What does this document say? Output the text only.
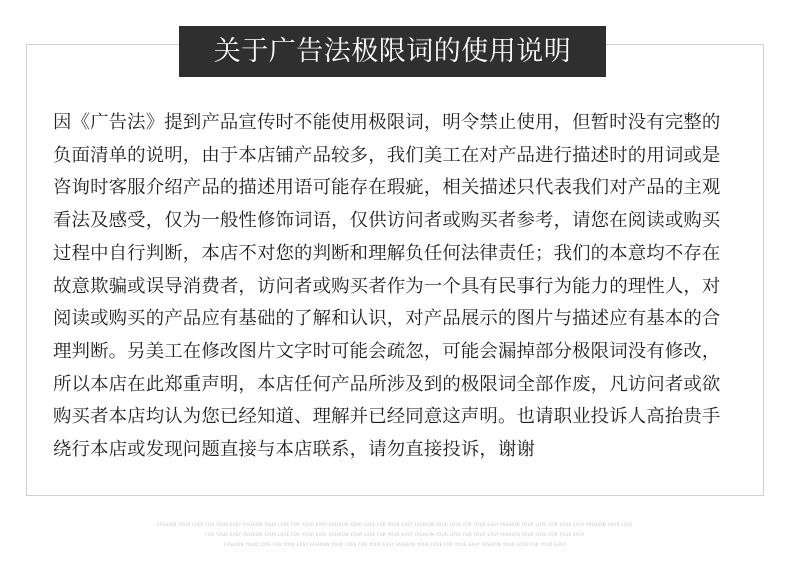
关于广告法极限词的使用说明
因《广告法》提到产品宣传时不能使用极限词，明令禁止使用，但暂时没有完整的
负面清单的说明，由于本店铺产品较多，我们美工在对产品进行描述时的用词或是
咨询时客服介绍产品的描述用语可能存在瑕疵，相关描述只代表我们对产品的主观
看法及感受，仅为一般性修饰词语，仅供访问者或购买者参考，请您在阅读或购买
过程中自行判断，本店不对您的判断和理解负任何法律责任；我们的本意均不存在
故意欺骗或误导消费者，访问者或购买者作为一个具有民事行为能力的理性人，对
阅读或购买的产品应有基础的了解和认识，对产品展示的图片与描述应有基本的合
理判断。另美工在修改图片文字时可能会疏忽，可能会漏掉部分极限词没有修改，
所以本店在此郑重声明，本店任何产品所涉及到的极限词全部作废，凡访问者或欲
购买者本店均认为您已经知道、理解并已经同意这声明。也请职业投诉人高抬贵手
绕行本店或发现问题直接与本店联系，请勿直接投诉，谢谢
FASHION YOUR LOVE FOR YOUR EASY FASHION YOUR LOVE FOR YOUR EASY FASHION YOUR LOVE FOR YOUR EASY FASHION YOUR LOVE FOR YOUR EASY FASHION YOUR LOVE FOR YOUR EASY FASHION YOUR LOVE
FOR YOUR EASY FASHION YOUR LOVE FOR YOUR EASY FASHION YOUR LOVE FOR YOUR EASY FASHION YOUR LOVE FOR YOUR EASY FASHION YOUR LOVE FOR YOUR EASY
FASHION YOUR LOVE FOR YOUR EASY FASHION YOUR LOVE FOR YOUR EASY FASHION YOUR LOVE FOR YOUR EASY FASHION YOUR LOVE FOR YOUR EASY
